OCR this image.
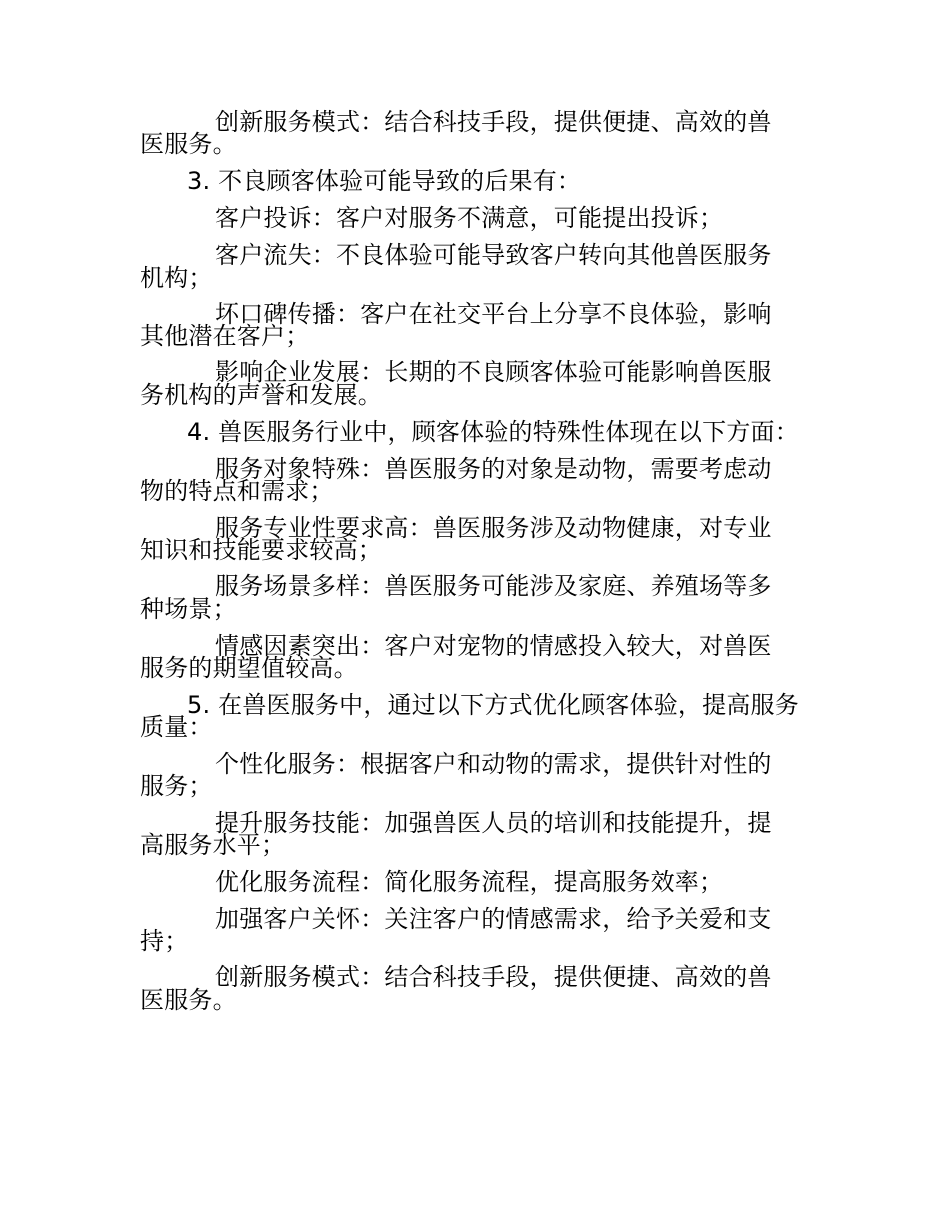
创新服务模式：结合科技手段，提供便捷、高效的兽
医服务。
3. 不良顾客体验可能导致的后果有：
客户投诉：客户对服务不满意，可能提出投诉；
客户流失：不良体验可能导致客户转向其他兽医服务
机构；
坏口碑传播：客户在社交平台上分享不良体验，影响
其他潜在客户；
影响企业发展：长期的不良顾客体验可能影响兽医服
务机构的声誉和发展。
4. 兽医服务行业中，顾客体验的特殊性体现在以下方面：
服务对象特殊：兽医服务的对象是动物，需要考虑动
物的特点和需求；
服务专业性要求高：兽医服务涉及动物健康，对专业
知识和技能要求较高；
服务场景多样：兽医服务可能涉及家庭、养殖场等多
种场景；
情感因素突出：客户对宠物的情感投入较大，对兽医
服务的期望值较高。
5. 在兽医服务中，通过以下方式优化顾客体验，提高服务
质量：
个性化服务：根据客户和动物的需求，提供针对性的
服务；
提升服务技能：加强兽医人员的培训和技能提升，提
高服务水平；
优化服务流程：简化服务流程，提高服务效率；
加强客户关怀：关注客户的情感需求，给予关爱和支
持；
创新服务模式：结合科技手段，提供便捷、高效的兽
医服务。
